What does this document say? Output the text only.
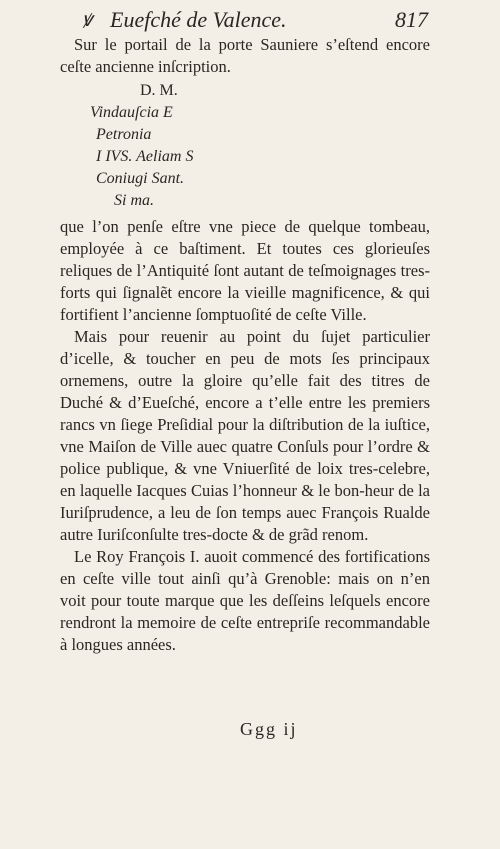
ꝟ Euefché de Valence.	817

Sur le portail de la porte Sauniere s’eſtend encore ceſte ancienne inſcription.

D. M.
Vindauſcia E
Petronia
I IVS. Aeliam S
Coniugi Sant.
Si ma.

que l’on penſe eſtre vne piece de quelque tombeau, employée à ce baſtiment. Et toutes ces glorieuſes reliques de l’Antiquité ſont autant de teſmoignages tres-forts qui ſignalẽt encore la vieille magnificence, & qui fortifient l’ancienne ſomptuoſité de ceſte Ville.

Mais pour reuenir au point du ſujet particulier d’icelle, & toucher en peu de mots ſes principaux ornemens, outre la gloire qu’elle fait des titres de Duché & d’Eueſché, encore a t’elle entre les premiers rancs vn ſiege Preſidial pour la diſtribution de la iuſtice, vne Maiſon de Ville auec quatre Conſuls pour l’ordre & police publique, & vne Vniuerſité de loix tres-celebre, en laquelle Iacques Cuias l’honneur & le bon-heur de la Iuriſprudence, a leu de ſon temps auec François Rualde autre Iuriſconſulte tres-docte & de grãd renom.

Le Roy François I. auoit commencé des fortifications en ceſte ville tout ainſi qu’à Grenoble: mais on n’en voit pour toute marque que les deſſeins leſquels encore rendront la memoire de ceſte entrepriſe recommandable à longues années.

Ggg ij
